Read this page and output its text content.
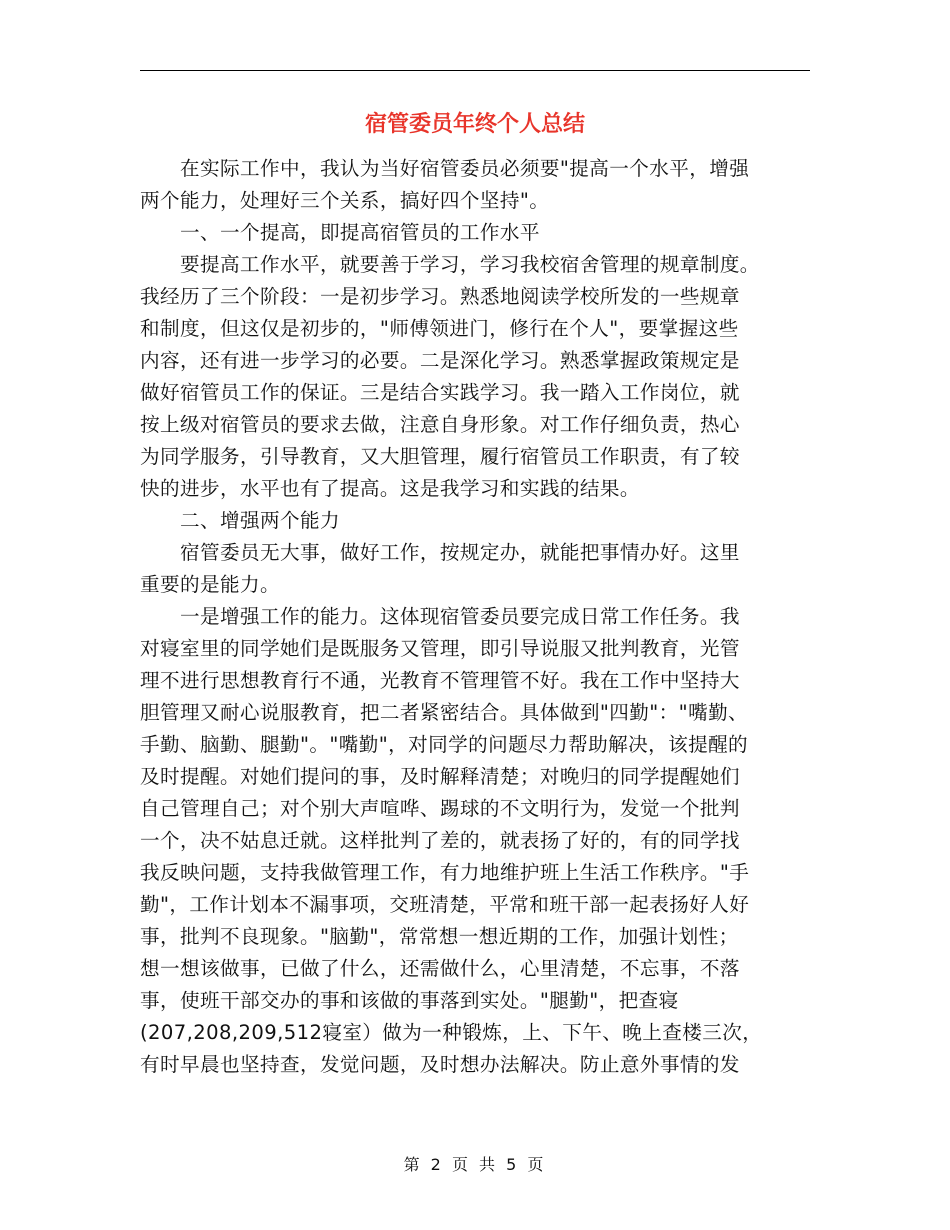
宿管委员年终个人总结
　　在实际工作中，我认为当好宿管委员必须要"提高一个水平，增强
两个能力，处理好三个关系，搞好四个坚持"。
　　一、一个提高，即提高宿管员的工作水平
　　要提高工作水平，就要善于学习，学习我校宿舍管理的规章制度。
我经历了三个阶段：一是初步学习。熟悉地阅读学校所发的一些规章
和制度，但这仅是初步的，"师傅领进门，修行在个人"，要掌握这些
内容，还有进一步学习的必要。二是深化学习。熟悉掌握政策规定是
做好宿管员工作的保证。三是结合实践学习。我一踏入工作岗位，就
按上级对宿管员的要求去做，注意自身形象。对工作仔细负责，热心
为同学服务，引导教育，又大胆管理，履行宿管员工作职责，有了较
快的进步，水平也有了提高。这是我学习和实践的结果。
　　二、增强两个能力
　　宿管委员无大事，做好工作，按规定办，就能把事情办好。这里
重要的是能力。
　　一是增强工作的能力。这体现宿管委员要完成日常工作任务。我
对寝室里的同学她们是既服务又管理，即引导说服又批判教育，光管
理不进行思想教育行不通，光教育不管理管不好。我在工作中坚持大
胆管理又耐心说服教育，把二者紧密结合。具体做到"四勤"："嘴勤、
手勤、脑勤、腿勤"。"嘴勤"，对同学的问题尽力帮助解决，该提醒的
及时提醒。对她们提问的事，及时解释清楚；对晚归的同学提醒她们
自己管理自己；对个别大声喧哗、踢球的不文明行为，发觉一个批判
一个，决不姑息迁就。这样批判了差的，就表扬了好的，有的同学找
我反映问题，支持我做管理工作，有力地维护班上生活工作秩序。"手
勤"，工作计划本不漏事项，交班清楚，平常和班干部一起表扬好人好
事，批判不良现象。"脑勤"，常常想一想近期的工作，加强计划性；
想一想该做事，已做了什么，还需做什么，心里清楚，不忘事，不落
事，使班干部交办的事和该做的事落到实处。"腿勤"，把查寝
(207,208,209,512寝室）做为一种锻炼，上、下午、晚上查楼三次，
有时早晨也坚持查，发觉问题，及时想办法解决。防止意外事情的发
第 2 页 共 5 页
